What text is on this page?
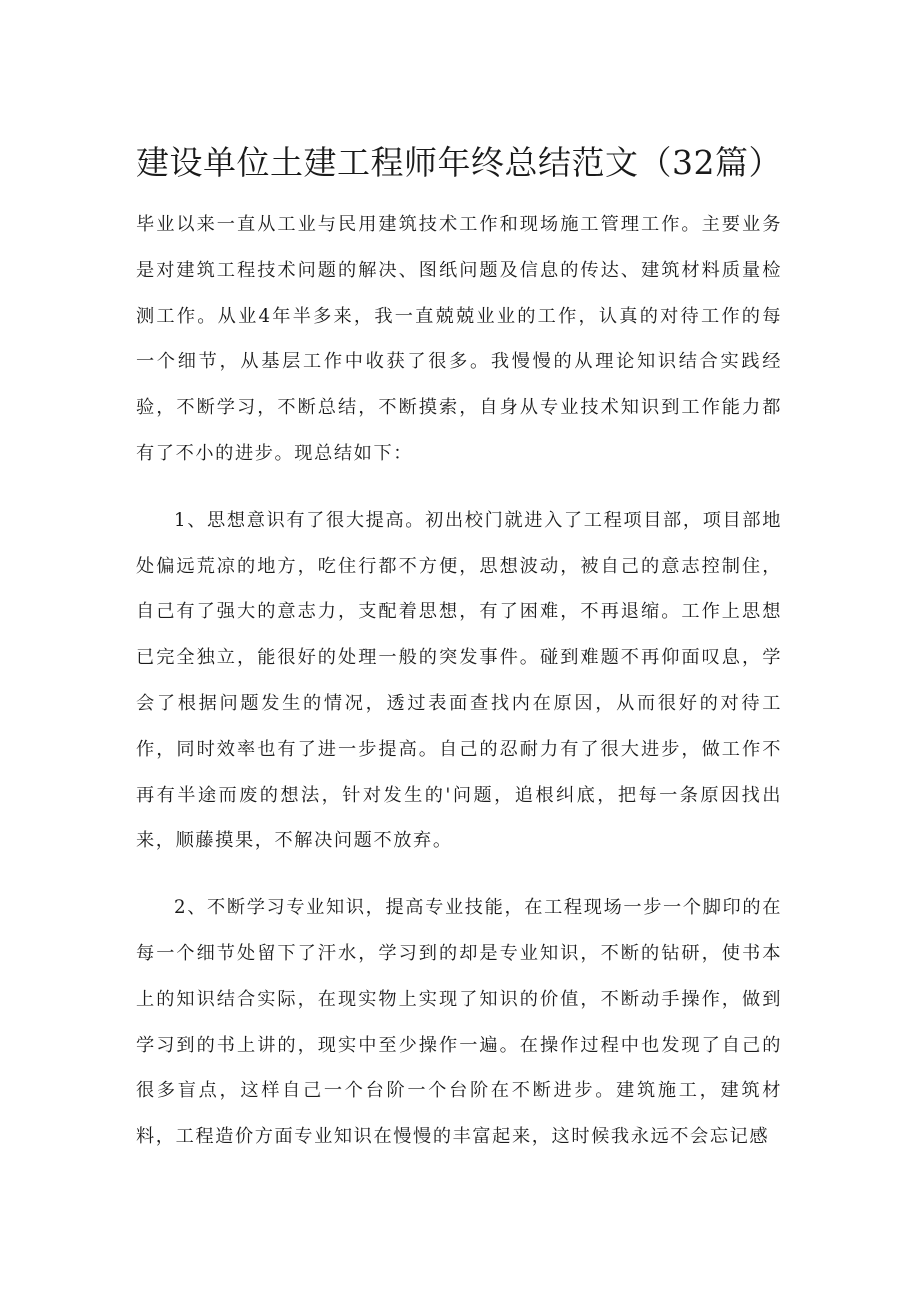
建设单位土建工程师年终总结范文（32篇）

毕业以来一直从工业与民用建筑技术工作和现场施工管理工作。主要业务是对建筑工程技术问题的解决、图纸问题及信息的传达、建筑材料质量检测工作。从业4年半多来，我一直兢兢业业的工作，认真的对待工作的每一个细节，从基层工作中收获了很多。我慢慢的从理论知识结合实践经验，不断学习，不断总结，不断摸索，自身从专业技术知识到工作能力都有了不小的进步。现总结如下：

1、思想意识有了很大提高。初出校门就进入了工程项目部，项目部地处偏远荒凉的地方，吃住行都不方便，思想波动，被自己的意志控制住，自己有了强大的意志力，支配着思想，有了困难，不再退缩。工作上思想已完全独立，能很好的处理一般的突发事件。碰到难题不再仰面叹息，学会了根据问题发生的情况，透过表面查找内在原因，从而很好的对待工作，同时效率也有了进一步提高。自己的忍耐力有了很大进步，做工作不再有半途而废的想法，针对发生的'问题，追根纠底，把每一条原因找出来，顺藤摸果，不解决问题不放弃。

2、不断学习专业知识，提高专业技能，在工程现场一步一个脚印的在每一个细节处留下了汗水，学习到的却是专业知识，不断的钻研，使书本上的知识结合实际，在现实物上实现了知识的价值，不断动手操作，做到学习到的书上讲的，现实中至少操作一遍。在操作过程中也发现了自己的很多盲点，这样自己一个台阶一个台阶在不断进步。建筑施工，建筑材料，工程造价方面专业知识在慢慢的丰富起来，这时候我永远不会忘记感
